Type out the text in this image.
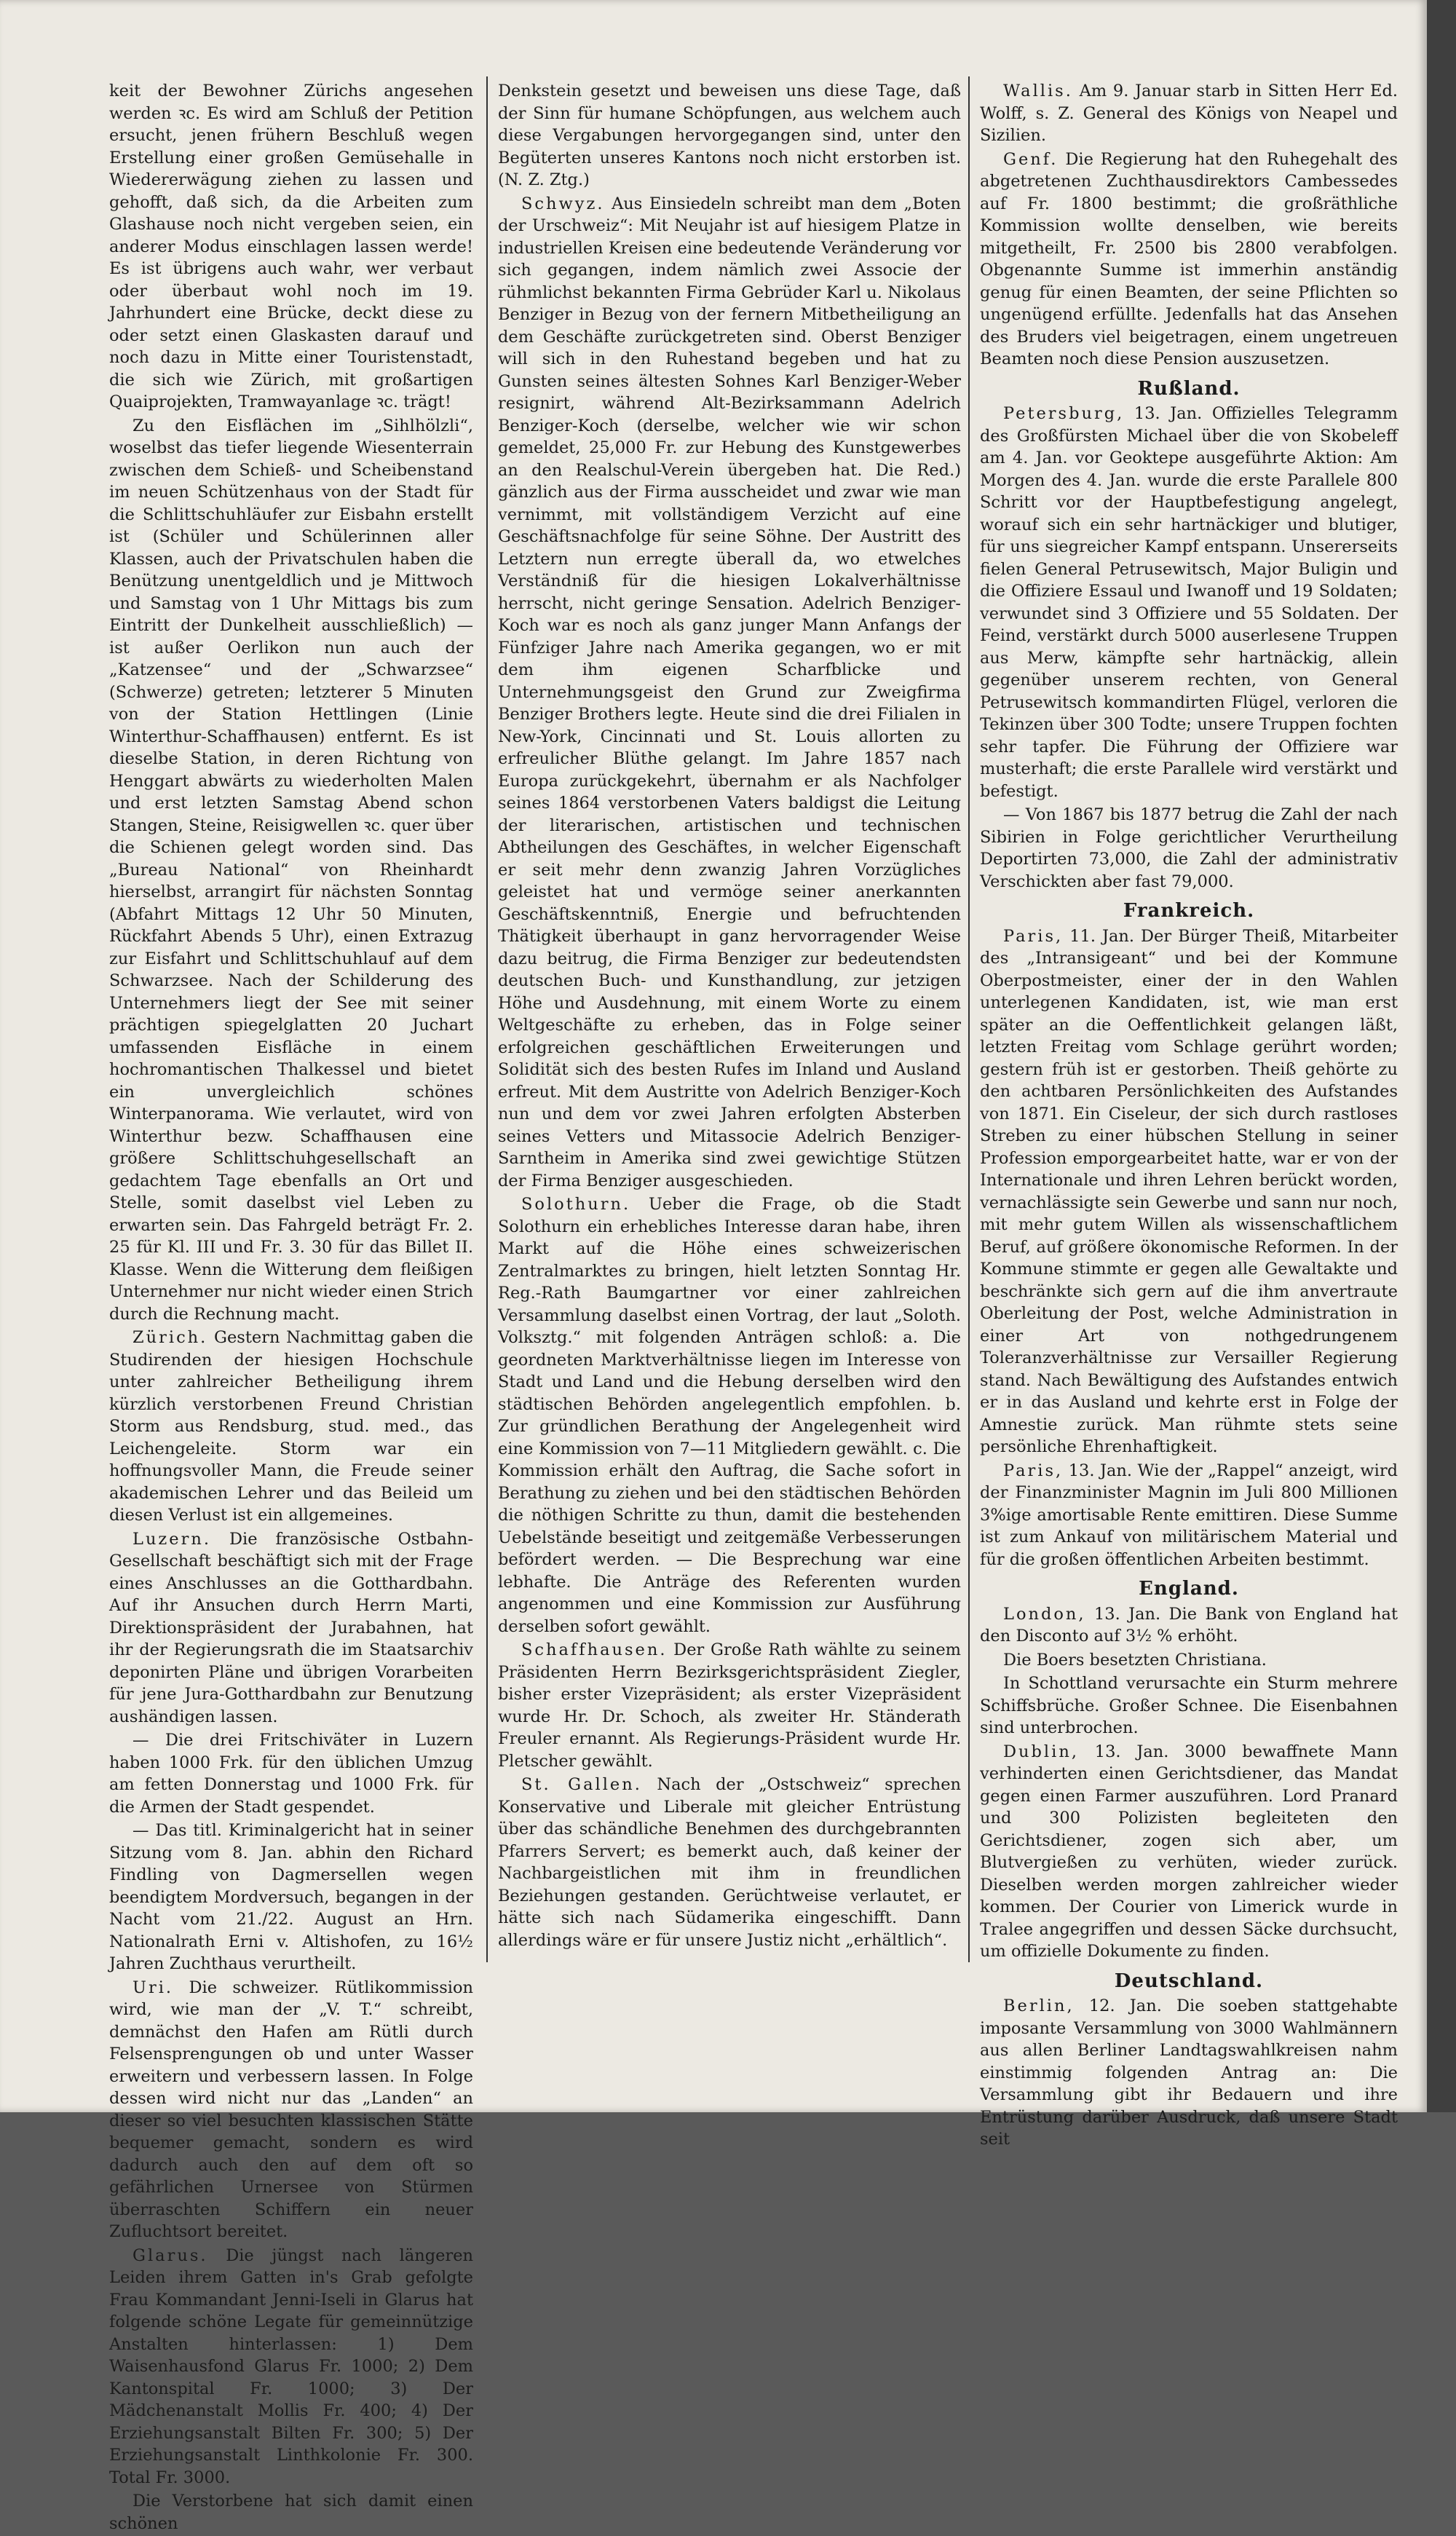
keit der Bewohner Zürichs angesehen werden ꝛc. Es wird am Schluß der Petition ersucht, jenen frühern Beschluß wegen Erstellung einer großen Gemüsehalle in Wiedererwägung ziehen zu lassen und gehofft, daß sich, da die Arbeiten zum Glashause noch nicht vergeben seien, ein anderer Modus einschlagen lassen werde! Es ist übrigens auch wahr, wer verbaut oder überbaut wohl noch im 19. Jahrhundert eine Brücke, deckt diese zu oder setzt einen Glaskasten darauf und noch dazu in Mitte einer Touristenstadt, die sich wie Zürich, mit großartigen Quaiprojekten, Tramwayanlage ꝛc. trägt!

Zu den Eisflächen im „Sihlhölzli“, woselbst das tiefer liegende Wiesenterrain zwischen dem Schieß- und Scheibenstand im neuen Schützenhaus von der Stadt für die Schlittschuhläufer zur Eisbahn erstellt ist (Schüler und Schülerinnen aller Klassen, auch der Privatschulen haben die Benützung unentgeldlich und je Mittwoch und Samstag von 1 Uhr Mittags bis zum Eintritt der Dunkelheit ausschließlich) — ist außer Oerlikon nun auch der „Katzensee“ und der „Schwarzsee“ (Schwerze) getreten; letzterer 5 Minuten von der Station Hettlingen (Linie Winterthur-Schaffhausen) entfernt. Es ist dieselbe Station, in deren Richtung von Henggart abwärts zu wiederholten Malen und erst letzten Samstag Abend schon Stangen, Steine, Reisigwellen ꝛc. quer über die Schienen gelegt worden sind. Das „Bureau National“ von Rheinhardt hierselbst, arrangirt für nächsten Sonntag (Abfahrt Mittags 12 Uhr 50 Minuten, Rückfahrt Abends 5 Uhr), einen Extrazug zur Eisfahrt und Schlittschuhlauf auf dem Schwarzsee. Nach der Schilderung des Unternehmers liegt der See mit seiner prächtigen spiegelglatten 20 Juchart umfassenden Eisfläche in einem hochromantischen Thalkessel und bietet ein unvergleichlich schönes Winterpanorama. Wie verlautet, wird von Winterthur bezw. Schaffhausen eine größere Schlittschuhgesellschaft an gedachtem Tage ebenfalls an Ort und Stelle, somit daselbst viel Leben zu erwarten sein. Das Fahrgeld beträgt Fr. 2. 25 für Kl. III und Fr. 3. 30 für das Billet II. Klasse. Wenn die Witterung dem fleißigen Unternehmer nur nicht wieder einen Strich durch die Rechnung macht.

Zürich. Gestern Nachmittag gaben die Studirenden der hiesigen Hochschule unter zahlreicher Betheiligung ihrem kürzlich verstorbenen Freund Christian Storm aus Rendsburg, stud. med., das Leichengeleite. Storm war ein hoffnungsvoller Mann, die Freude seiner akademischen Lehrer und das Beileid um diesen Verlust ist ein allgemeines.

Luzern. Die französische Ostbahn-Gesellschaft beschäftigt sich mit der Frage eines Anschlusses an die Gotthardbahn. Auf ihr Ansuchen durch Herrn Marti, Direktionspräsident der Jurabahnen, hat ihr der Regierungsrath die im Staatsarchiv deponirten Pläne und übrigen Vorarbeiten für jene Jura-Gotthardbahn zur Benutzung aushändigen lassen.

— Die drei Fritschiväter in Luzern haben 1000 Frk. für den üblichen Umzug am fetten Donnerstag und 1000 Frk. für die Armen der Stadt gespendet.

— Das titl. Kriminalgericht hat in seiner Sitzung vom 8. Jan. abhin den Richard Findling von Dagmersellen wegen beendigtem Mordversuch, begangen in der Nacht vom 21./22. August an Hrn. Nationalrath Erni v. Altishofen, zu 16½ Jahren Zuchthaus verurtheilt.

Uri. Die schweizer. Rütlikommission wird, wie man der „V. T.“ schreibt, demnächst den Hafen am Rütli durch Felsensprengungen ob und unter Wasser erweitern und verbessern lassen. In Folge dessen wird nicht nur das „Landen“ an dieser so viel besuchten klassischen Stätte bequemer gemacht, sondern es wird dadurch auch den auf dem oft so gefährlichen Urnersee von Stürmen überraschten Schiffern ein neuer Zufluchtsort bereitet.

Glarus. Die jüngst nach längeren Leiden ihrem Gatten in's Grab gefolgte Frau Kommandant Jenni-Iseli in Glarus hat folgende schöne Legate für gemeinnützige Anstalten hinterlassen: 1) Dem Waisenhausfond Glarus Fr. 1000; 2) Dem Kantonspital Fr. 1000; 3) Der Mädchenanstalt Mollis Fr. 400; 4) Der Erziehungsanstalt Bilten Fr. 300; 5) Der Erziehungsanstalt Linthkolonie Fr. 300. Total Fr. 3000.

Die Verstorbene hat sich damit einen schönen

Denkstein gesetzt und beweisen uns diese Tage, daß der Sinn für humane Schöpfungen, aus welchem auch diese Vergabungen hervorgegangen sind, unter den Begüterten unseres Kantons noch nicht erstorben ist. (N. Z. Ztg.)

Schwyz. Aus Einsiedeln schreibt man dem „Boten der Urschweiz“: Mit Neujahr ist auf hiesigem Platze in industriellen Kreisen eine bedeutende Veränderung vor sich gegangen, indem nämlich zwei Associe der rühmlichst bekannten Firma Gebrüder Karl u. Nikolaus Benziger in Bezug von der fernern Mitbetheiligung an dem Geschäfte zurückgetreten sind. Oberst Benziger will sich in den Ruhestand begeben und hat zu Gunsten seines ältesten Sohnes Karl Benziger-Weber resignirt, während Alt-Bezirksammann Adelrich Benziger-Koch (derselbe, welcher wie wir schon gemeldet, 25,000 Fr. zur Hebung des Kunstgewerbes an den Realschul-Verein übergeben hat. Die Red.) gänzlich aus der Firma ausscheidet und zwar wie man vernimmt, mit vollständigem Verzicht auf eine Geschäftsnachfolge für seine Söhne. Der Austritt des Letztern nun erregte überall da, wo etwelches Verständniß für die hiesigen Lokalverhältnisse herrscht, nicht geringe Sensation. Adelrich Benziger-Koch war es noch als ganz junger Mann Anfangs der Fünfziger Jahre nach Amerika gegangen, wo er mit dem ihm eigenen Scharfblicke und Unternehmungsgeist den Grund zur Zweigfirma Benziger Brothers legte. Heute sind die drei Filialen in New-York, Cincinnati und St. Louis allorten zu erfreulicher Blüthe gelangt. Im Jahre 1857 nach Europa zurückgekehrt, übernahm er als Nachfolger seines 1864 verstorbenen Vaters baldigst die Leitung der literarischen, artistischen und technischen Abtheilungen des Geschäftes, in welcher Eigenschaft er seit mehr denn zwanzig Jahren Vorzügliches geleistet hat und vermöge seiner anerkannten Geschäftskenntniß, Energie und befruchtenden Thätigkeit überhaupt in ganz hervorragender Weise dazu beitrug, die Firma Benziger zur bedeutendsten deutschen Buch- und Kunsthandlung, zur jetzigen Höhe und Ausdehnung, mit einem Worte zu einem Weltgeschäfte zu erheben, das in Folge seiner erfolgreichen geschäftlichen Erweiterungen und Solidität sich des besten Rufes im Inland und Ausland erfreut. Mit dem Austritte von Adelrich Benziger-Koch nun und dem vor zwei Jahren erfolgten Absterben seines Vetters und Mitassocie Adelrich Benziger-Sarntheim in Amerika sind zwei gewichtige Stützen der Firma Benziger ausgeschieden.

Solothurn. Ueber die Frage, ob die Stadt Solothurn ein erhebliches Interesse daran habe, ihren Markt auf die Höhe eines schweizerischen Zentralmarktes zu bringen, hielt letzten Sonntag Hr. Reg.-Rath Baumgartner vor einer zahlreichen Versammlung daselbst einen Vortrag, der laut „Soloth. Volksztg.“ mit folgenden Anträgen schloß: a. Die geordneten Marktverhältnisse liegen im Interesse von Stadt und Land und die Hebung derselben wird den städtischen Behörden angelegentlich empfohlen. b. Zur gründlichen Berathung der Angelegenheit wird eine Kommission von 7—11 Mitgliedern gewählt. c. Die Kommission erhält den Auftrag, die Sache sofort in Berathung zu ziehen und bei den städtischen Behörden die nöthigen Schritte zu thun, damit die bestehenden Uebelstände beseitigt und zeitgemäße Verbesserungen befördert werden. — Die Besprechung war eine lebhafte. Die Anträge des Referenten wurden angenommen und eine Kommission zur Ausführung derselben sofort gewählt.

Schaffhausen. Der Große Rath wählte zu seinem Präsidenten Herrn Bezirksgerichtspräsident Ziegler, bisher erster Vizepräsident; als erster Vizepräsident wurde Hr. Dr. Schoch, als zweiter Hr. Ständerath Freuler ernannt. Als Regierungs-Präsident wurde Hr. Pletscher gewählt.

St. Gallen. Nach der „Ostschweiz“ sprechen Konservative und Liberale mit gleicher Entrüstung über das schändliche Benehmen des durchgebrannten Pfarrers Servert; es bemerkt auch, daß keiner der Nachbargeistlichen mit ihm in freundlichen Beziehungen gestanden. Gerüchtweise verlautet, er hätte sich nach Südamerika eingeschifft. Dann allerdings wäre er für unsere Justiz nicht „erhältlich“.

Wallis. Am 9. Januar starb in Sitten Herr Ed. Wolff, s. Z. General des Königs von Neapel und Sizilien.

Genf. Die Regierung hat den Ruhegehalt des abgetretenen Zuchthausdirektors Cambessedes auf Fr. 1800 bestimmt; die großräthliche Kommission wollte denselben, wie bereits mitgetheilt, Fr. 2500 bis 2800 verabfolgen. Obgenannte Summe ist immerhin anständig genug für einen Beamten, der seine Pflichten so ungenügend erfüllte. Jedenfalls hat das Ansehen des Bruders viel beigetragen, einem ungetreuen Beamten noch diese Pension auszusetzen.

Rußland.

Petersburg, 13. Jan. Offizielles Telegramm des Großfürsten Michael über die von Skobeleff am 4. Jan. vor Geoktepe ausgeführte Aktion: Am Morgen des 4. Jan. wurde die erste Parallele 800 Schritt vor der Hauptbefestigung angelegt, worauf sich ein sehr hartnäckiger und blutiger, für uns siegreicher Kampf entspann. Unsererseits fielen General Petrusewitsch, Major Buligin und die Offiziere Essaul und Iwanoff und 19 Soldaten; verwundet sind 3 Offiziere und 55 Soldaten. Der Feind, verstärkt durch 5000 auserlesene Truppen aus Merw, kämpfte sehr hartnäckig, allein gegenüber unserem rechten, von General Petrusewitsch kommandirten Flügel, verloren die Tekinzen über 300 Todte; unsere Truppen fochten sehr tapfer. Die Führung der Offiziere war musterhaft; die erste Parallele wird verstärkt und befestigt.

— Von 1867 bis 1877 betrug die Zahl der nach Sibirien in Folge gerichtlicher Verurtheilung Deportirten 73,000, die Zahl der administrativ Verschickten aber fast 79,000.

Frankreich.

Paris, 11. Jan. Der Bürger Theiß, Mitarbeiter des „Intransigeant“ und bei der Kommune Oberpostmeister, einer der in den Wahlen unterlegenen Kandidaten, ist, wie man erst später an die Oeffentlichkeit gelangen läßt, letzten Freitag vom Schlage gerührt worden; gestern früh ist er gestorben. Theiß gehörte zu den achtbaren Persönlichkeiten des Aufstandes von 1871. Ein Ciseleur, der sich durch rastloses Streben zu einer hübschen Stellung in seiner Profession emporgearbeitet hatte, war er von der Internationale und ihren Lehren berückt worden, vernachlässigte sein Gewerbe und sann nur noch, mit mehr gutem Willen als wissenschaftlichem Beruf, auf größere ökonomische Reformen. In der Kommune stimmte er gegen alle Gewaltakte und beschränkte sich gern auf die ihm anvertraute Oberleitung der Post, welche Administration in einer Art von nothgedrungenem Toleranzverhältnisse zur Versailler Regierung stand. Nach Bewältigung des Aufstandes entwich er in das Ausland und kehrte erst in Folge der Amnestie zurück. Man rühmte stets seine persönliche Ehrenhaftigkeit.

Paris, 13. Jan. Wie der „Rappel“ anzeigt, wird der Finanzminister Magnin im Juli 800 Millionen 3%ige amortisable Rente emittiren. Diese Summe ist zum Ankauf von militärischem Material und für die großen öffentlichen Arbeiten bestimmt.

England.

London, 13. Jan. Die Bank von England hat den Disconto auf 3½ % erhöht.

Die Boers besetzten Christiana.

In Schottland verursachte ein Sturm mehrere Schiffsbrüche. Großer Schnee. Die Eisenbahnen sind unterbrochen.

Dublin, 13. Jan. 3000 bewaffnete Mann verhinderten einen Gerichtsdiener, das Mandat gegen einen Farmer auszuführen. Lord Pranard und 300 Polizisten begleiteten den Gerichtsdiener, zogen sich aber, um Blutvergießen zu verhüten, wieder zurück. Dieselben werden morgen zahlreicher wieder kommen. Der Courier von Limerick wurde in Tralee angegriffen und dessen Säcke durchsucht, um offizielle Dokumente zu finden.

Deutschland.

Berlin, 12. Jan. Die soeben stattgehabte imposante Versammlung von 3000 Wahlmännern aus allen Berliner Landtagswahlkreisen nahm einstimmig folgenden Antrag an: Die Versammlung gibt ihr Bedauern und ihre Entrüstung darüber Ausdruck, daß unsere Stadt seit
